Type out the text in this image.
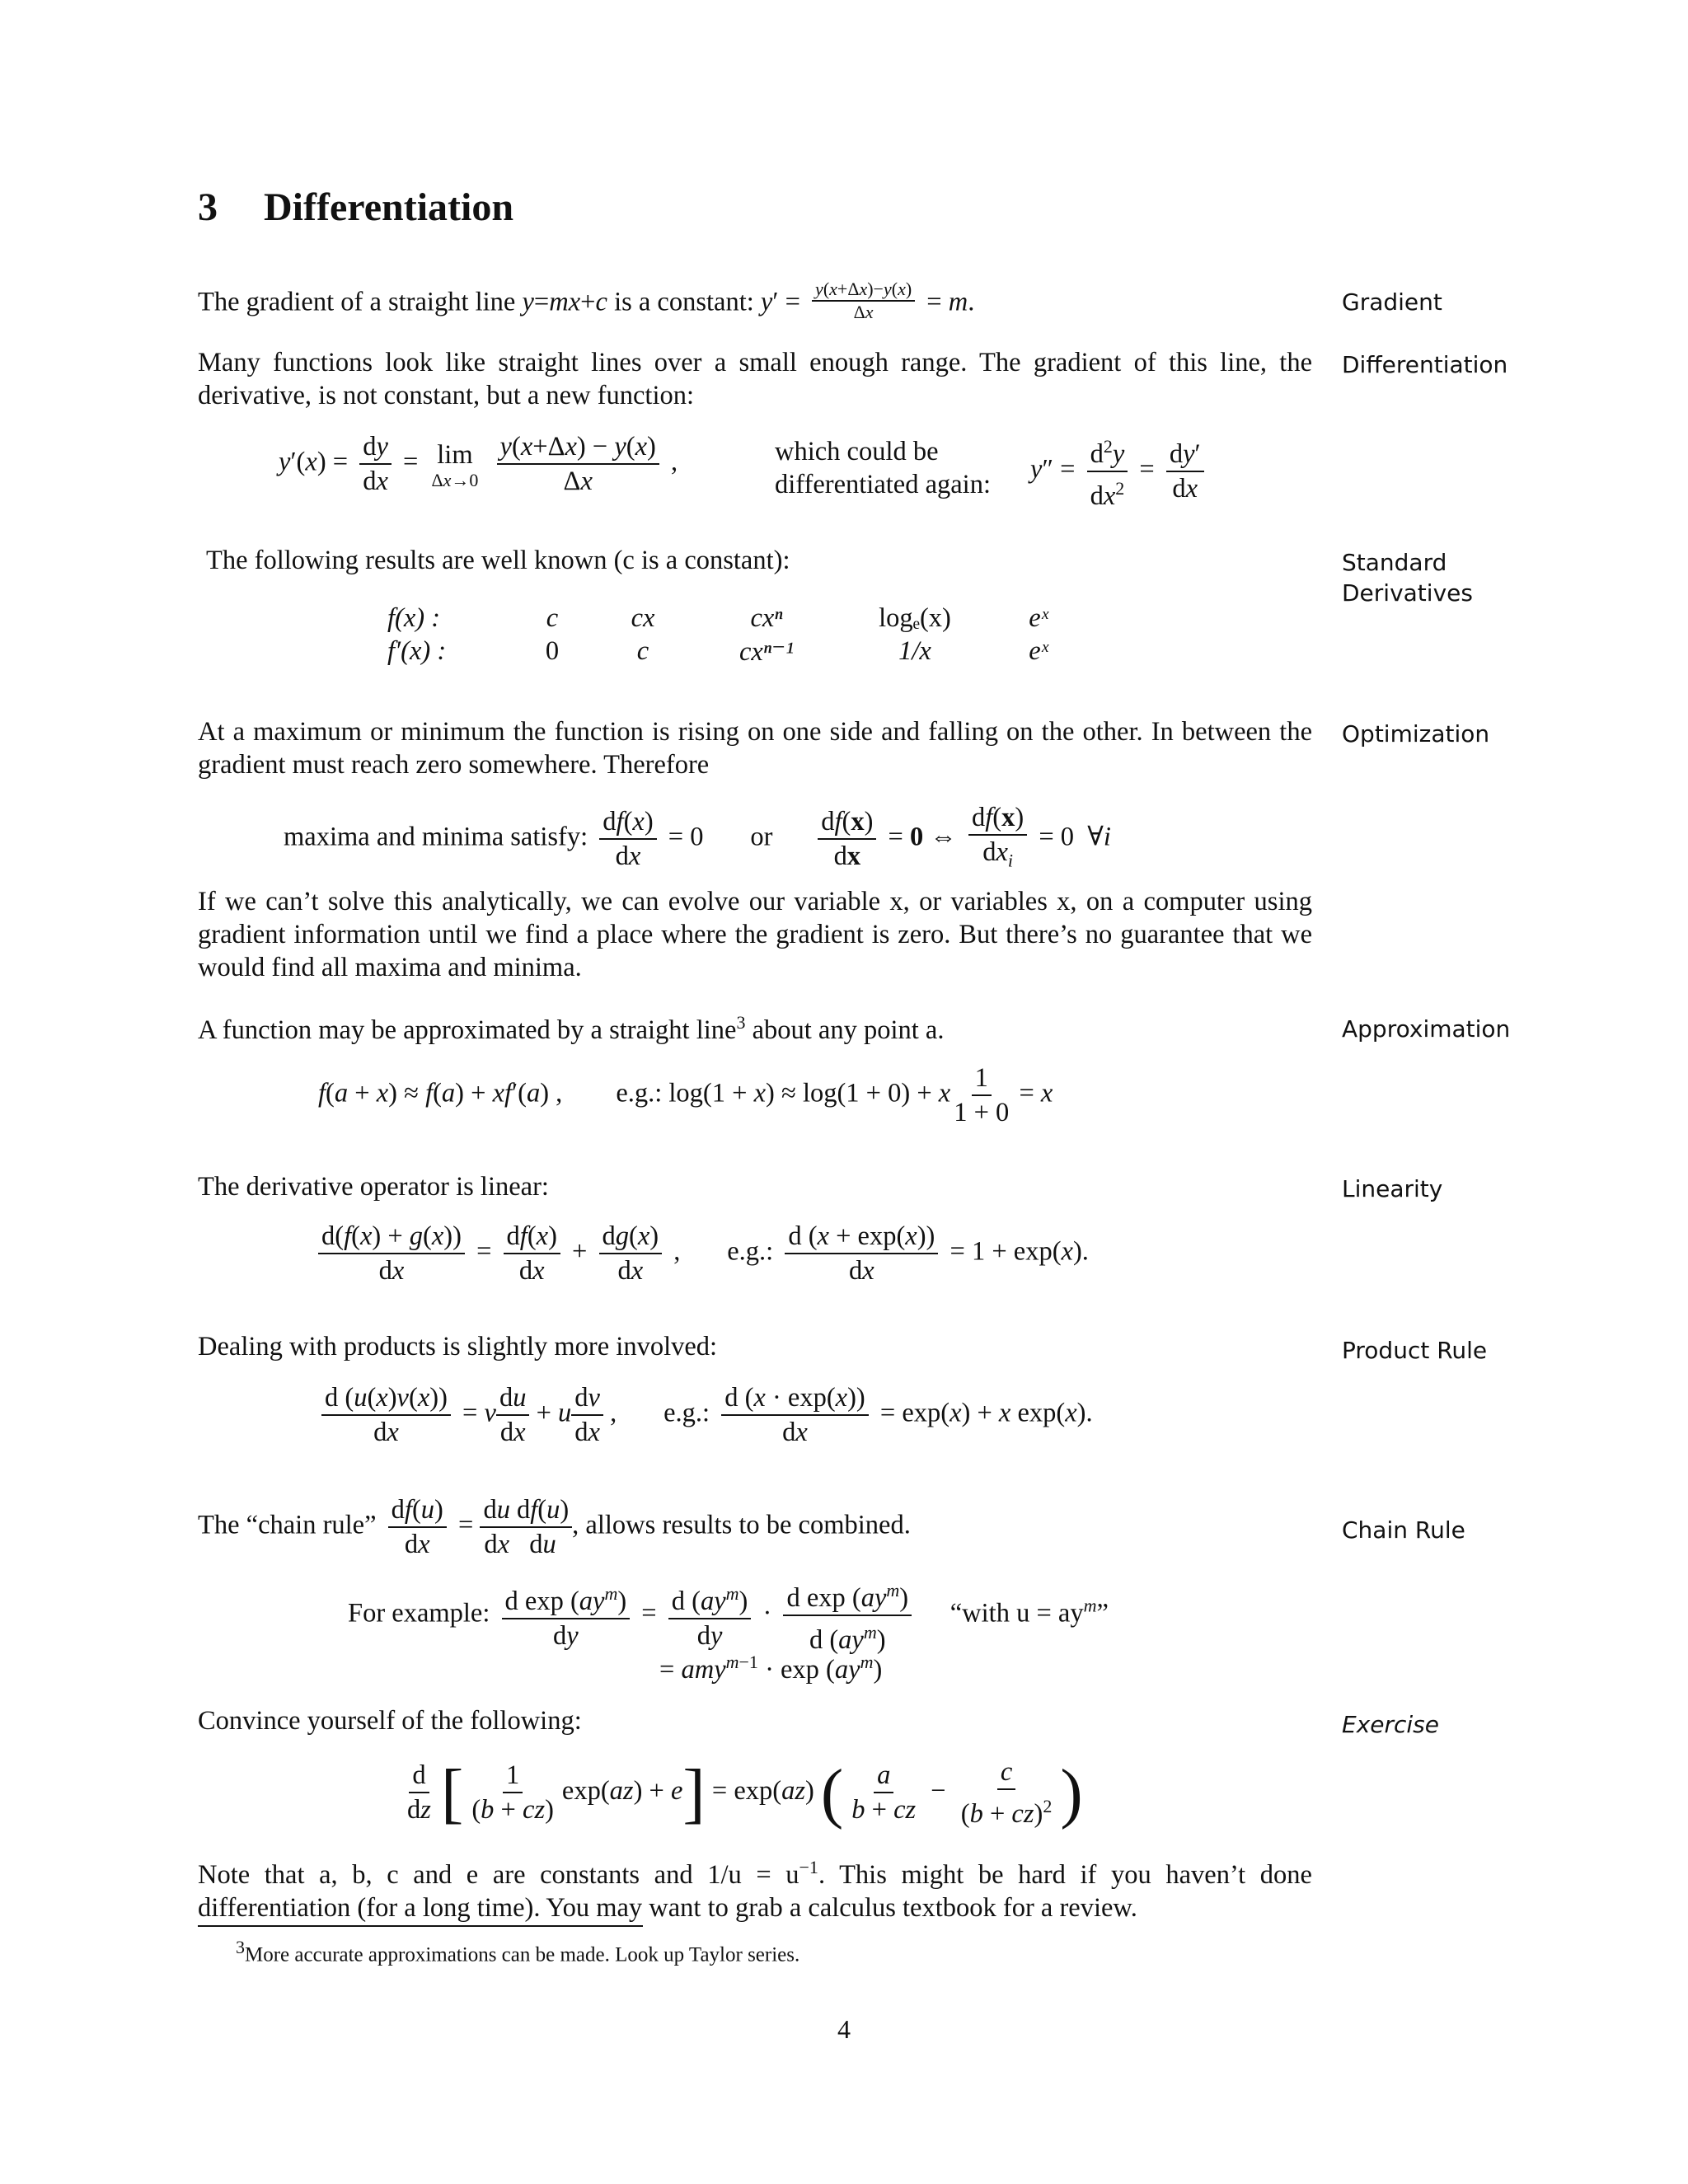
3 Differentiation
Gradient
Differentiation
Standard Derivatives
Optimization
Approximation
Linearity
Product Rule
Chain Rule
Exercise
The gradient of a straight line y=mx+c is a constant: $y' = \frac{y(x+\Delta x)-y(x)}{\Delta x} = m$.
Many functions look like straight lines over a small enough range. The gradient of this line, the derivative, is not constant, but a new function:
$y'(x) = \frac{dy}{dx} = \lim$
Δx→0
$\frac{y(x+\Delta x) - y(x)}{\Delta x}$ ,	which could be
differentiated again:
$y'' = \frac{d^2y}{dx^2} = \frac{dy'}{dx}$
The following results are well known (c is a constant):
f(x) :	c	cx	cxⁿ	logₑ(x)	eˣ
f′(x) :	0	c	cxⁿ⁻¹	1/x	eˣ
At a maximum or minimum the function is rising on one side and falling on the other. In between the gradient must reach zero somewhere. Therefore
maxima and minima satisfy: $\frac{df(x)}{dx} = 0$       or $\frac{df(x)}{dx} = 0$ ⇔ $\frac{df(x)}{dx_i} = 0$  ∀i
If we can’t solve this analytically, we can evolve our variable x, or variables x, on a computer using gradient information until we find a place where the gradient is zero. But there’s no guarantee that we would find all maxima and minima.
A function may be approximated by a straight line$^3$ about any point a.
f(a + x) ≈ f(a) + xf′(a) ,        e.g.: log(1 + x) ≈ log(1 + 0) + x $\frac{1}{1 + 0} = x$
The derivative operator is linear:
$\frac{d(f(x) + g(x))}{dx} = \frac{df(x)}{dx} + \frac{dg(x)}{dx}$ ,       e.g.: $\frac{d (x + \exp(x))}{dx} = 1 + \exp(x)$.
Dealing with products is slightly more involved:
$\frac{d (u(x)v(x))}{dx} = v \frac{du}{dx} + u \frac{dv}{dx}$ ,       e.g.: $\frac{d (x \cdot \exp(x))}{dx} = \exp(x) + x$ exp(x).
The “chain rule” $\frac{df(u)}{dx} = \frac{du}{dx} \frac{df(u)}{du}$ , allows results to be combined.
For example: $\frac{d \exp (ay^m)}{dy} = \frac{d (ay^m)}{dy} \cdot \frac{d \exp (ay^m)}{d (ay^m)}$ “with $u = ay^m$”
= $amy^{m-1} \cdot \exp (ay^m)$
Convince yourself of the following:
$\frac{d}{dz}$ [ $\frac{1}{(b + cz)} \exp(az) + e] = \exp(az)$ ( $\frac{a}{b + cz} - \frac{c}{(b + cz)^2}$ )
Note that a, b, c and e are constants and $1/u = u^{-1}$. This might be hard if you haven’t done differentiation (for a long time). You may want to grab a calculus textbook for a review.
$^3$More accurate approximations can be made. Look up Taylor series.
4
